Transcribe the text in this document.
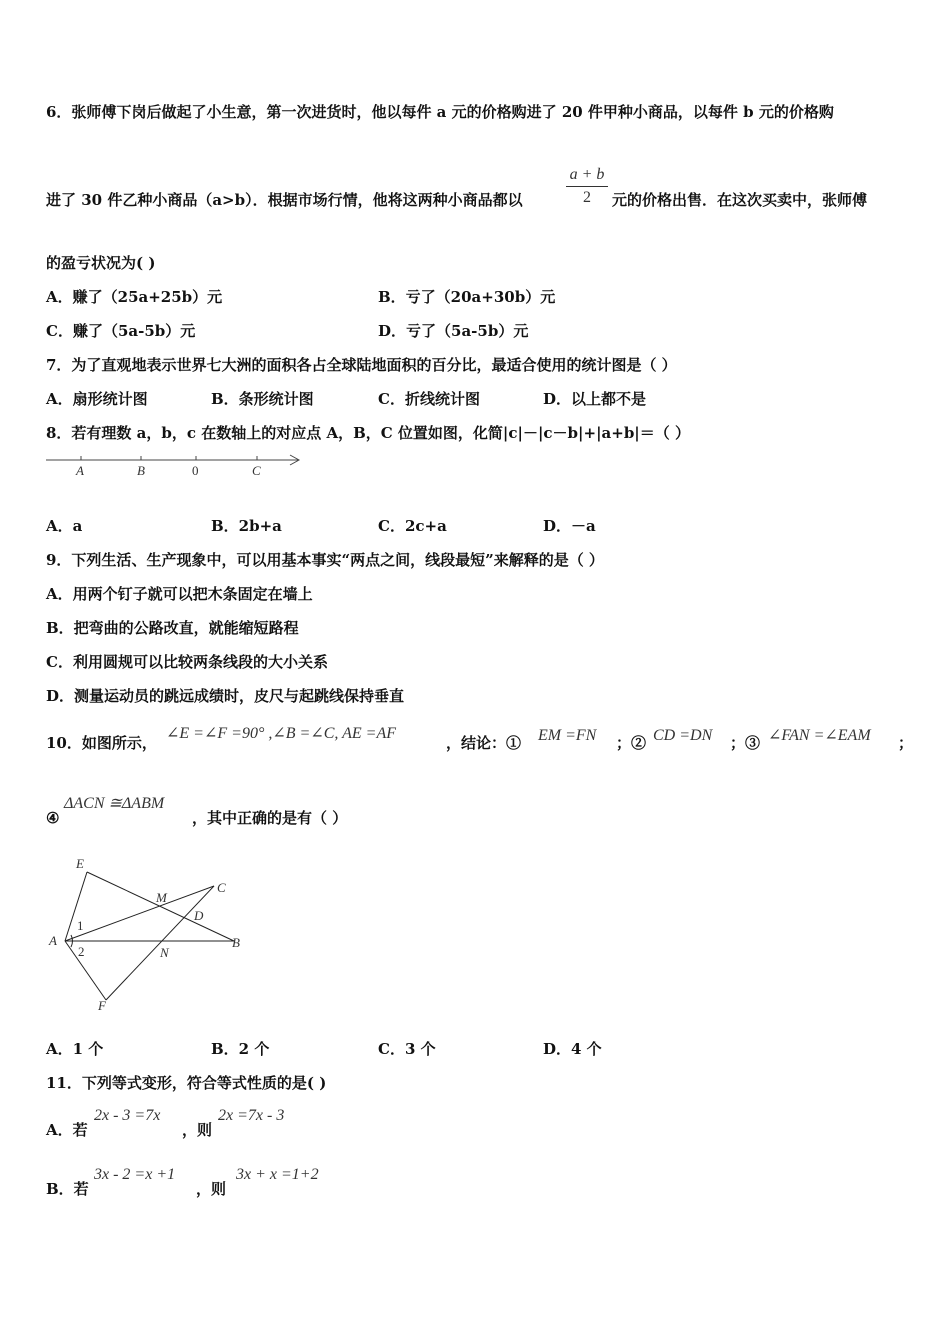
6．张师傅下岗后做起了小生意，第一次进货时，他以每件 a 元的价格购进了 20 件甲种小商品，以每件 b 元的价格购
进了 30 件乙种小商品（a>b）．根据市场行情，他将这两种小商品都以
a + b
2	元的价格出售．在这次买卖中，张师傅
的盈亏状况为( )
A．赚了（25a+25b）元	B．亏了（20a+30b）元
C．赚了（5a-5b）元	D．亏了（5a-5b）元
7．为了直观地表示世界七大洲的面积各占全球陆地面积的百分比，最适合使用的统计图是（ ）
A．扇形统计图	B．条形统计图	C．折线统计图	D．以上都不是
8．若有理数 a，b，c 在数轴上的对应点 A，B，C 位置如图，化简|c|－|c－b|+|a+b|＝（ ）
A	B	0	C
A．a	B．2b+a	C．2c+a	D．－a
9．下列生活、生产现象中，可以用基本事实“两点之间，线段最短”来解释的是（ ）
A．用两个钉子就可以把木条固定在墙上
B．把弯曲的公路改直，就能缩短路程
C．利用圆规可以比较两条线段的大小关系
D．测量运动员的跳远成绩时，皮尺与起跳线保持垂直
10．如图所示，
∠E =∠F =90° ,∠B =∠C, AE =AF
，结论：① EM =FN ；② CD =DN ；③ ∠FAN =∠EAM ；
④
ΔACN ≅ΔABM
，其中正确的是有（ ）
E
C
M
D
1
A
2	N
B
F
A．1 个	B．2 个	C．3 个	D．4 个
11．下列等式变形，符合等式性质的是( )
A．若
2x - 3 =7x
，则
2x =7x - 3
B．若
3x - 2 =x +1
，则
3x + x =1+2
